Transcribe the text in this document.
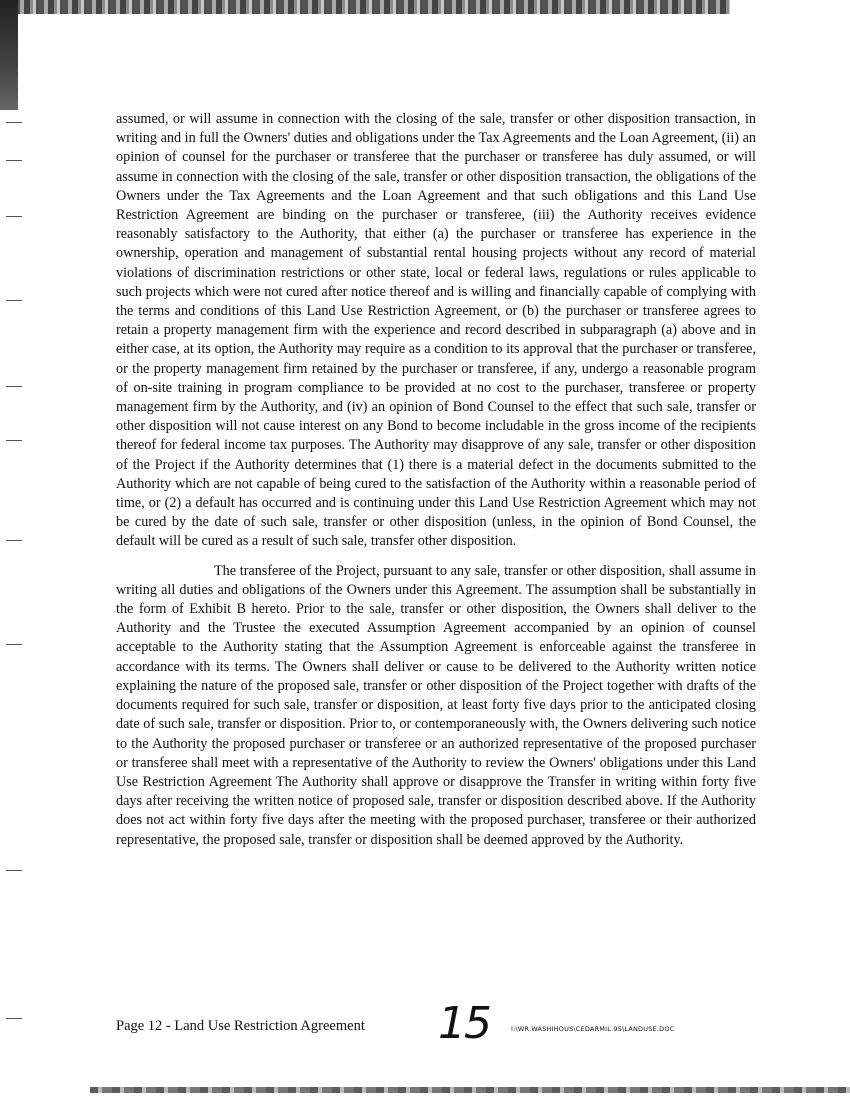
assumed, or will assume in connection with the closing of the sale, transfer or other disposition transaction, in writing and in full the Owners' duties and obligations under the Tax Agreements and the Loan Agreement, (ii) an opinion of counsel for the purchaser or transferee that the purchaser or transferee has duly assumed, or will assume in connection with the closing of the sale, transfer or other disposition transaction, the obligations of the Owners under the Tax Agreements and the Loan Agreement and that such obligations and this Land Use Restriction Agreement are binding on the purchaser or transferee, (iii) the Authority receives evidence reasonably satisfactory to the Authority, that either (a) the purchaser or transferee has experience in the ownership, operation and management of substantial rental housing projects without any record of material violations of discrimination restrictions or other state, local or federal laws, regulations or rules applicable to such projects which were not cured after notice thereof and is willing and financially capable of complying with the terms and conditions of this Land Use Restriction Agreement, or (b) the purchaser or transferee agrees to retain a property management firm with the experience and record described in subparagraph (a) above and in either case, at its option, the Authority may require as a condition to its approval that the purchaser or transferee, or the property management firm retained by the purchaser or transferee, if any, undergo a reasonable program of on-site training in program compliance to be provided at no cost to the purchaser, transferee or property management firm by the Authority, and (iv) an opinion of Bond Counsel to the effect that such sale, transfer or other disposition will not cause interest on any Bond to become includable in the gross income of the recipients thereof for federal income tax purposes. The Authority may disapprove of any sale, transfer or other disposition of the Project if the Authority determines that (1) there is a material defect in the documents submitted to the Authority which are not capable of being cured to the satisfaction of the Authority within a reasonable period of time, or (2) a default has occurred and is continuing under this Land Use Restriction Agreement which may not be cured by the date of such sale, transfer or other disposition (unless, in the opinion of Bond Counsel, the default will be cured as a result of such sale, transfer other disposition.

The transferee of the Project, pursuant to any sale, transfer or other disposition, shall assume in writing all duties and obligations of the Owners under this Agreement. The assumption shall be substantially in the form of Exhibit B hereto. Prior to the sale, transfer or other disposition, the Owners shall deliver to the Authority and the Trustee the executed Assumption Agreement accompanied by an opinion of counsel acceptable to the Authority stating that the Assumption Agreement is enforceable against the transferee in accordance with its terms. The Owners shall deliver or cause to be delivered to the Authority written notice explaining the nature of the proposed sale, transfer or other disposition of the Project together with drafts of the documents required for such sale, transfer or disposition, at least forty five days prior to the anticipated closing date of such sale, transfer or disposition. Prior to, or contemporaneously with, the Owners delivering such notice to the Authority the proposed purchaser or transferee or an authorized representative of the proposed purchaser or transferee shall meet with a representative of the Authority to review the Owners' obligations under this Land Use Restriction Agreement The Authority shall approve or disapprove the Transfer in writing within forty five days after receiving the written notice of proposed sale, transfer or disposition described above. If the Authority does not act within forty five days after the meeting with the proposed purchaser, transferee or their authorized representative, the proposed sale, transfer or disposition shall be deemed approved by the Authority.

Page 12 - Land Use Restriction Agreement 15	I:\WR.WASHIHOUS\CEDARMIL.95\LANDUSE.DOC
